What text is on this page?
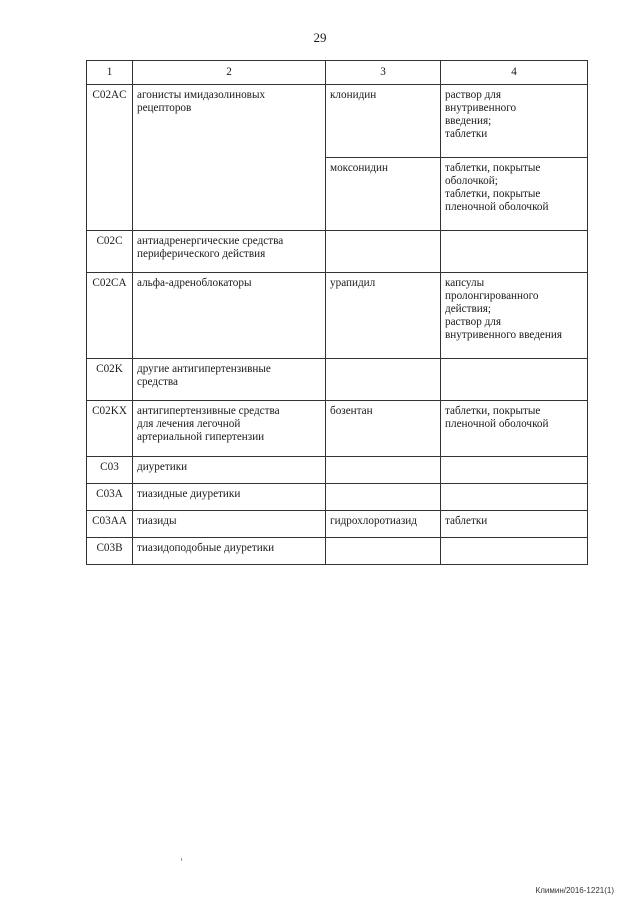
29
1	2	3	4
C02AC	агонисты имидазолиновых
рецепторов	клонидин	раствор для
внутривенного
введения;
таблетки

		моксонидин	таблетки, покрытые
оболочкой;
таблетки, покрытые
пленочной оболочкой

C02C	антиадренергические средства
периферического действия		

C02CA	альфа-адреноблокаторы	урапидил	капсулы
пролонгированного
действия;
раствор для
внутривенного введения

C02K	другие антигипертензивные
средства		

C02KX	антигипертензивные средства
для лечения легочной
артериальной гипертензии	бозентан	таблетки, покрытые
пленочной оболочкой

C03	диуретики		

C03A	тиазидные диуретики		

C03AA	тиазиды	гидрохлоротиазид	таблетки

C03B	тиазидоподобные диуретики		

Климин/2016-1221(1)
